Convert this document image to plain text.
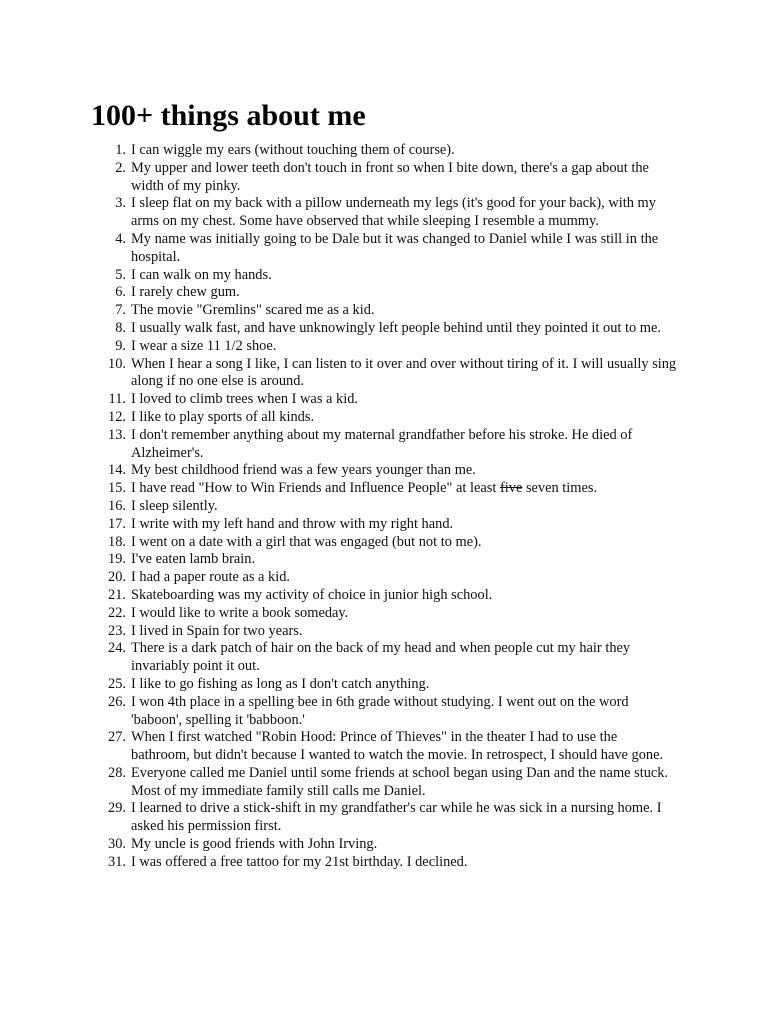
100+ things about me
1. I can wiggle my ears (without touching them of course).
2. My upper and lower teeth don't touch in front so when I bite down, there's a gap about the width of my pinky.
3. I sleep flat on my back with a pillow underneath my legs (it's good for your back), with my arms on my chest. Some have observed that while sleeping I resemble a mummy.
4. My name was initially going to be Dale but it was changed to Daniel while I was still in the hospital.
5. I can walk on my hands.
6. I rarely chew gum.
7. The movie "Gremlins" scared me as a kid.
8. I usually walk fast, and have unknowingly left people behind until they pointed it out to me.
9. I wear a size 11 1/2 shoe.
10. When I hear a song I like, I can listen to it over and over without tiring of it. I will usually sing along if no one else is around.
11. I loved to climb trees when I was a kid.
12. I like to play sports of all kinds.
13. I don't remember anything about my maternal grandfather before his stroke. He died of Alzheimer's.
14. My best childhood friend was a few years younger than me.
15. I have read "How to Win Friends and Influence People" at least five seven times.
16. I sleep silently.
17. I write with my left hand and throw with my right hand.
18. I went on a date with a girl that was engaged (but not to me).
19. I've eaten lamb brain.
20. I had a paper route as a kid.
21. Skateboarding was my activity of choice in junior high school.
22. I would like to write a book someday.
23. I lived in Spain for two years.
24. There is a dark patch of hair on the back of my head and when people cut my hair they invariably point it out.
25. I like to go fishing as long as I don't catch anything.
26. I won 4th place in a spelling bee in 6th grade without studying. I went out on the word 'baboon', spelling it 'babboon.'
27. When I first watched "Robin Hood: Prince of Thieves" in the theater I had to use the bathroom, but didn't because I wanted to watch the movie. In retrospect, I should have gone.
28. Everyone called me Daniel until some friends at school began using Dan and the name stuck. Most of my immediate family still calls me Daniel.
29. I learned to drive a stick-shift in my grandfather's car while he was sick in a nursing home. I asked his permission first.
30. My uncle is good friends with John Irving.
31. I was offered a free tattoo for my 21st birthday. I declined.
